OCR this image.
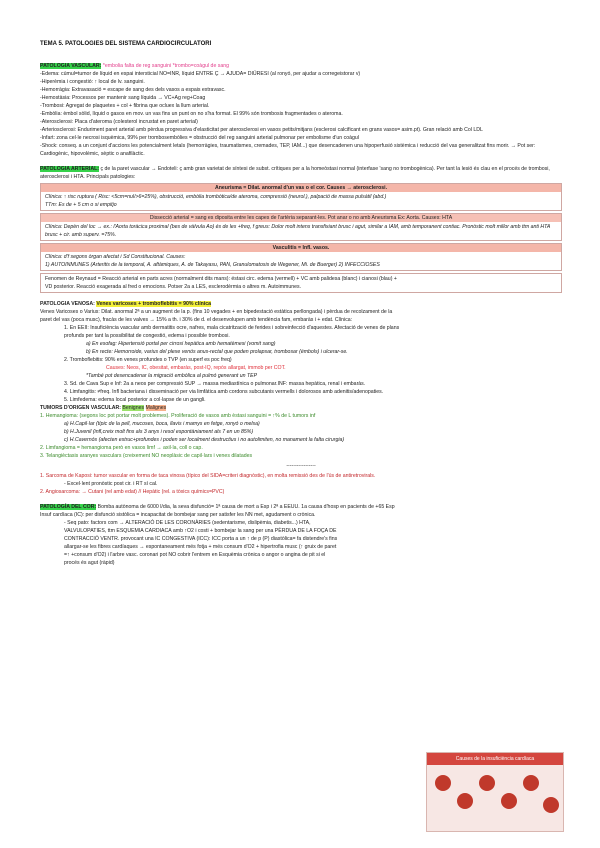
TEMA 5. PATOLOGIES DEL SISTEMA CARDIOCIRCULATORI
PATOLOGIA VASCULAR: *embolia falta de reg sanguini *trombo=coàgul de sang
-Edema: cúmul=tumor de líquid en espai intersticial NO=INR, líquid ENTRE Ç → AJUDA= DIÜRESI (al ronyó, per ajudar a corregeistorar v)
-Hiperèmia i congestió: ↑ local de lv. sanguini.
-Hemorràgia: Extravasació = escape de sang des dels vasos a espais extravasc.
-Hemostàsia: Processos per mantenir sang líquida → VC+Ag reg+Coag
-Trombosi: Agregat de plaquetes + col + fibrina que ocluex la llum arterial.
-Embòlia: èmbol sòlid, líquid o gasos en mov. un vas fins un punt on no s'ha format. El 99% són trombosis fragmentades o ateroma.
-Aterosclerosi: Placa d'ateroma (colesterol incrustat en paret arterial)
-Arteriosclerosi: Enduriment paret arterial amb pèrdua progressiva d'elasticitat per aterosclerosi en vasos petits/mitjans (esclerosi calcificant en grans vasos= asim.pt). Gran relació amb Col LDL
-Infart: zona cel·le necrosi isquèmica, 99% per trombosembòlies = obstrucció del reg sanguini arterial pulmonar per embolisme d'un coàgul
-Shock: conseq. a un conjunt d'accions les potencialment letals (hemorràgies, traumatismes, cremades, TEP, IAM...) que desencadenen una hipoperfusió sistèmica i reducció del vas generalitzat fins morir. → Pot ser: Cardiogènic, hipovolèmic, sèptic o anafilàctic.
PATOLOGIA ARTERIAL: ç de la paret vascular → Endoteli: ç amb gran varietat de síntesi de subst. crítiques per a la homeòstasi normal (interfase 'sang no trombogènica). Per tant la lesió és clau en el procés de trombosi, aterosclerosi i HTA. Principals patologies:
Aneurisma = Dilat. anormal d'un vas o el cor. Causes → aterosclerosi.
Clínica: ↑ risc ruptura ( Risc: <5cm=nul/>6=25%), obstrucció, embòlia trombòtica/de ateroma, compressió (neurol.), palpació de massa pulsàtil (abd.)
TTm: Es de + 5 cm o si empitjo
Dissecció arterial = sang es diposita entre les capes de l'artèria separant-les. Pot anar o no amb Aneurisma Ex: Aorta. Causes: HTA
Clínica: Depèn del loc → ex.: l'Aorta toràcica proximal (bes de vàlvula Ao) és de les +freq, f greus: Dolor molt intens transfixiant brusc i agut, similar a IAM, amb temporanent contiac. Pronòstic molt millor amb ttm anti HTA brusc + cir. amb superv. =75%.
Vasculitis = Infl. vasos.
Clínica: d'f segons òrgan afectat i Sd Constitucional. Causes:
1) AUTOINMUNES (Arteritis de la temporal, A. aftàmiques, A. de Takayasu, PAN, Granulomatosis de Wegener, Mi. de Buerger) 2) INFECCIOSES
Fenomen de Reynaud = Reacció arterial en parts acres (normalment dits mans): éstasi circ. edema (vermell) + VC amb palidesa (blanc) i cianosi (blau) +
VD posterior. Reacció exagerada al fred o emocions. Potser 2a a LES, esclerodèrmia o altres m. Autoimmunes.
PATOLOGIA VENOSA: Venes varicoses + tromboflebitis = 90% clínica
Venes Varicoses o Varius: Dilat. anormal 2ª a un augment de la p. (fins 10 vegades + en bipedestació estàtica perllongada) i pèrdua de recolzament de la
paret del vas (poca musc), fracàs de les valves → 15% a th. i 30% de d. el desenvolupen amb tendència fam, embaràs i + edat. Clínica:
1. En EEII: Insuficiència vascular amb dermatitis ocre, nafres, mala cicatrització de ferides i sobreinfecció d'aquestes. Afectació de venes de plans
profunds per tant la possibilitat de congestió, edema i possible trombosi.
a) En esofag: Hipertensió portal per cirrosi hepàtica amb hematèmesi (vomit sang)
b) En recte: Hemorroide, varius del plexe venós anus-rectal que poden prolapsar, trombosar (émbols) i ulcerar-se.
2. Tromboflebitis: 90% en venes profundes o TVP (en superf es poc freq)
Causes: Neos, IC, obesitat, embaràs, post-IQ, repòs allargat, immob per COT.
*També pot desencadenar la migració embòlica al pulmó generant un TEP
3. Sd. de Cava Sup e Inf: 2a a neos per compressió SUP → massa mediastínica o pulmonar.INF: massa hepàtica, renal i embaràs.
4. Limfangitis: ≠freq. Infl bacteriana i disseminació per via limfàtica amb cordons subcutanis vermells i dolorosos amb adenitis/adenopaties.
5. Limfedema: edema local posterior a col·lapse de un gangli.
TUMORS D'ORIGEN VASCULAR: Benignes Malignes
1. Hemangioma: (segons loc pot portar molt problemes). Proliferació de vasos amb èstasi sanguini = ↑% de L tumors inf
a) H.Capil·lar (típic de la pell, mucoses, boca, llavis i mamys en fetge, ronyó o melsa)
b) H.Juvenil (infl,creix molt fins als 3 anys i resol espontàniament als 7 en un 85%)
c) H.Cavernós (afecten estruc+profundes i poden ser localment destructius i no autolimiten, no manament la falta cirurgia)
2. Limfangioma = hemangioma però en vasos limf → axil·la, coll o cap.
3. Telangièctasis aranyes vasculars (creixement NO neoplàsic de capil·lars i venes dilatades
-----------------
1. Sarcoma de Kaposi: tumor vascular en forma de taca vinosa (típico del SIDA=criteri diagnòstic), en molta remissió des de l'ús de antiretrovirals.
- Excel·lent pronòstic post cir. i RT sí cal.
2. Angiosarcoma: → Cutani (rel amb edat) // Hepàtic (rel. a tòxics químics=PVC)
PATOLOGÍA DEL COR: Bomba autònoma de 6000 l/dia, la seva disfunció= 1ª causa de mort a Esp i 2ª a EEUU. 1a causa d'hosp en pacients de +65 Esp
Insuf cardíaca (IC): per disfunció sistòlica = incapacitat de bombejar sang per satisfer les NN met, agudament o crònica.
- Seq pato: factors com → ALTERACIÓ DE LES CORONÀRIES (sedentarisme, dislipèmia, diabetis...) HTA,
VALVULOPATIES, ttm ESQUEMIA CARDIACA amb ↑O2 i costi + bombejar la sang per una PÈRDUA DE LA FOÇA DE
CONTRACCIÓ VENTR. provocant una IC CONGESTIVA (ICC): ICC porta a un ↑ de p (P) diastòlica= fa distendre's fins
allargar-se les fibres cardíaques → espontaneament més fotja + més consum d'O2 + hipertrofia musc (↑ gruix de paret
=↑ +consum d'O2) i l'arbre vasc. coronari pot NO cobrir l'entrem en Esquèmia crònica o angor o angina de pit si el
procés és agut (ràpid)
Causes de la insuficiència cardíaca
